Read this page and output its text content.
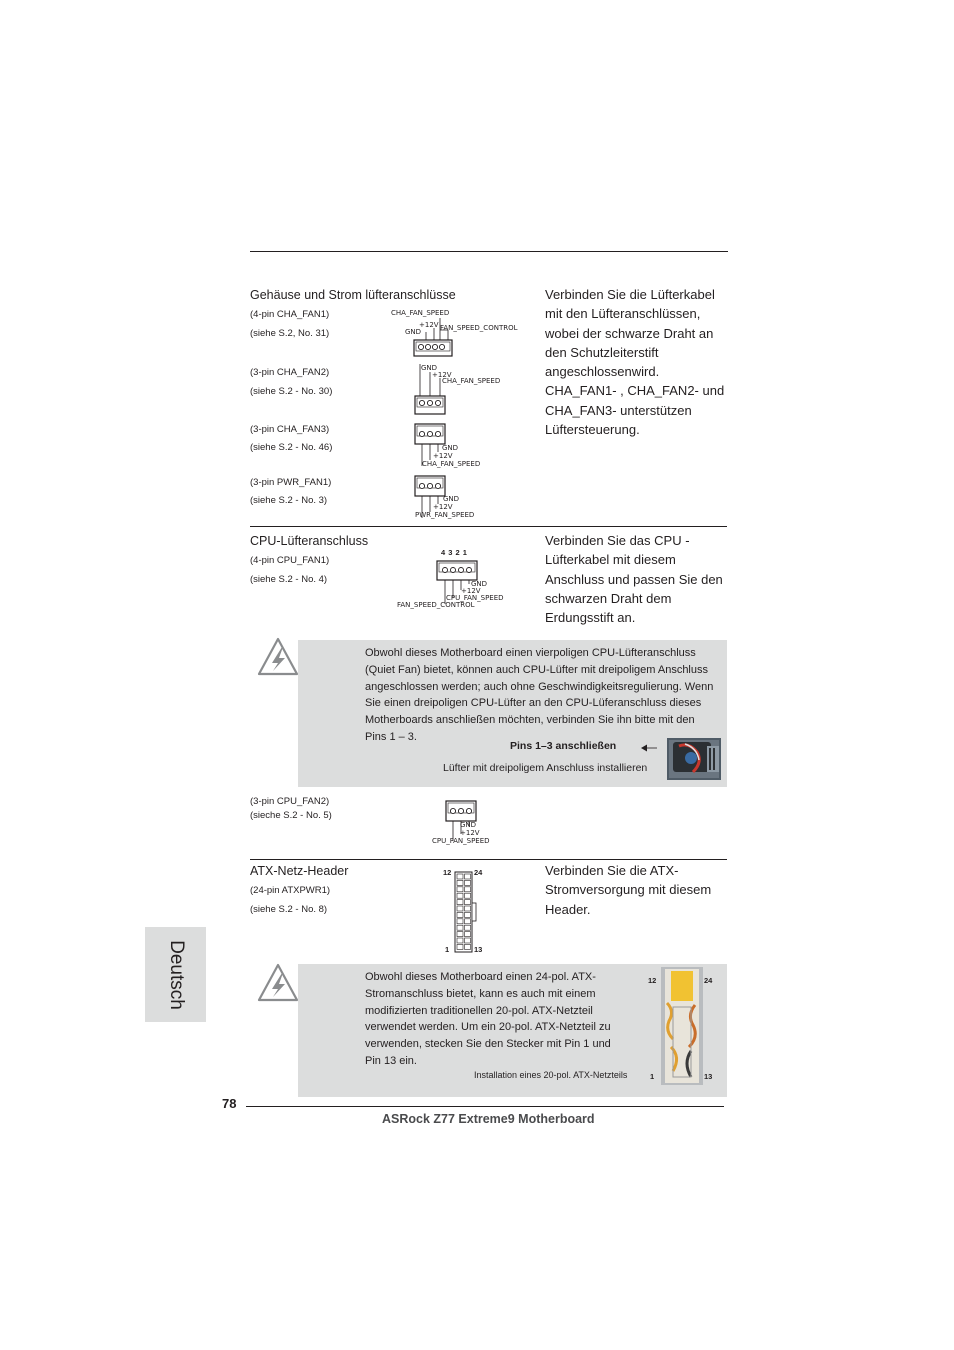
Gehäuse und Strom lüfteranschlüsse
(4-pin CHA_FAN1)
(siehe S.2, No. 31)
(3-pin CHA_FAN2)
(siehe S.2 - No. 30)
(3-pin CHA_FAN3)
(siehe S.2 - No. 46)
(3-pin PWR_FAN1)
(siehe S.2 - No. 3)
Verbinden Sie die Lüfterkabel
mit den Lüfteranschlüssen,
wobei der schwarze Draht an
den Schutzleiterstift
angeschlossenwird.
CHA_FAN1- , CHA_FAN2- und
CHA_FAN3- unterstützen
Lüftersteuerung.
CHA_FAN_SPEED
+12V
GND	FAN_SPEED_CONTROL
GND
+12V
CHA_FAN_SPEED
GND
+12V
CHA_FAN_SPEED
GND
+12V
PWR_FAN_SPEED
CPU-Lüfteranschluss
(4-pin CPU_FAN1)
(siehe S.2 - No. 4)
Verbinden Sie das CPU -
Lüfterkabel mit diesem
Anschluss und passen Sie den
schwarzen Draht dem
Erdungsstift an.
4 3 2 1
GND
+12V
CPU_FAN_SPEED
FAN_SPEED_CONTROL
Obwohl dieses Motherboard einen vierpoligen CPU-Lüfteranschluss
(Quiet Fan) bietet, können auch CPU-Lüfter mit dreipoligem Anschluss
angeschlossen werden; auch ohne Geschwindigkeitsregulierung. Wenn
Sie einen dreipoligen CPU-Lüfter an den CPU-Lüferanschluss dieses
Motherboards anschließen möchten, verbinden Sie ihn bitte mit den
Pins 1 – 3.
Pins 1–3 anschließen
Lüfter mit dreipoligem Anschluss installieren
(3-pin CPU_FAN2)
(sieche S.2 - No. 5)
GND
+12V
CPU_FAN_SPEED
ATX-Netz-Header
(24-pin ATXPWR1)
(siehe S.2 - No. 8)
Verbinden Sie die ATX-
Stromversorgung mit diesem
Header.
12	24
1	13
Obwohl dieses Motherboard einen 24-pol. ATX-
Stromanschluss bietet, kann es auch mit einem
modifizierten traditionellen 20-pol. ATX-Netzteil
verwendet werden. Um ein 20-pol. ATX-Netzteil zu
verwenden, stecken Sie den Stecker mit Pin 1 und
Pin 13 ein.
Installation eines 20-pol. ATX-Netzteils
12	24
1	13
Deutsch
78
ASRock Z77 Extreme9 Motherboard
